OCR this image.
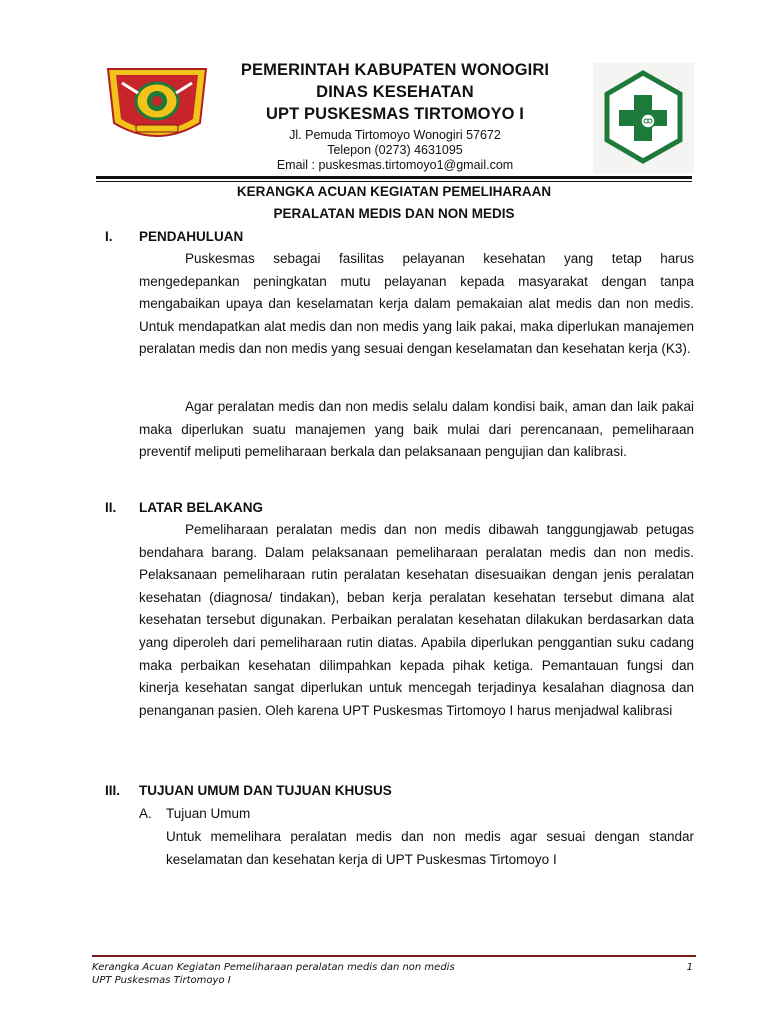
PEMERINTAH KABUPATEN WONOGIRI
DINAS KESEHATAN
UPT PUSKESMAS TIRTOMOYO I
Jl. Pemuda Tirtomoyo Wonogiri 57672
Telepon (0273) 4631095
Email : puskesmas.tirtomoyo1@gmail.com
KERANGKA ACUAN KEGIATAN PEMELIHARAAN
PERALATAN MEDIS DAN NON MEDIS
I. PENDAHULUAN

Puskesmas sebagai fasilitas pelayanan kesehatan yang tetap harus mengedepankan peningkatan mutu pelayanan kepada masyarakat dengan tanpa mengabaikan upaya dan keselamatan kerja dalam pemakaian alat medis dan non medis. Untuk mendapatkan alat medis dan non medis yang laik pakai, maka diperlukan manajemen peralatan medis dan non medis yang sesuai dengan keselamatan dan kesehatan kerja (K3).

Agar peralatan medis dan non medis selalu dalam kondisi baik, aman dan laik pakai maka diperlukan suatu manajemen yang baik mulai dari perencanaan, pemeliharaan preventif meliputi pemeliharaan berkala dan pelaksanaan pengujian dan kalibrasi.

II. LATAR BELAKANG

Pemeliharaan peralatan medis dan non medis dibawah tanggungjawab petugas bendahara barang. Dalam pelaksanaan pemeliharaan peralatan medis dan non medis. Pelaksanaan pemeliharaan rutin peralatan kesehatan disesuaikan dengan jenis peralatan kesehatan (diagnosa/ tindakan), beban kerja peralatan kesehatan tersebut dimana alat kesehatan tersebut digunakan. Perbaikan peralatan kesehatan dilakukan berdasarkan data yang diperoleh dari pemeliharaan rutin diatas. Apabila diperlukan penggantian suku cadang maka perbaikan kesehatan dilimpahkan kepada pihak ketiga. Pemantauan fungsi dan kinerja kesehatan sangat diperlukan untuk mencegah terjadinya kesalahan diagnosa dan penanganan pasien. Oleh karena UPT Puskesmas Tirtomoyo I harus menjadwal kalibrasi

III. TUJUAN UMUM DAN TUJUAN KHUSUS
A. Tujuan Umum

Untuk memelihara peralatan medis dan non medis agar sesuai dengan standar keselamatan dan kesehatan kerja di UPT Puskesmas Tirtomoyo I

Kerangka Acuan Kegiatan Pemeliharaan peralatan medis dan non medis
UPT Puskesmas Tirtomoyo I
1
